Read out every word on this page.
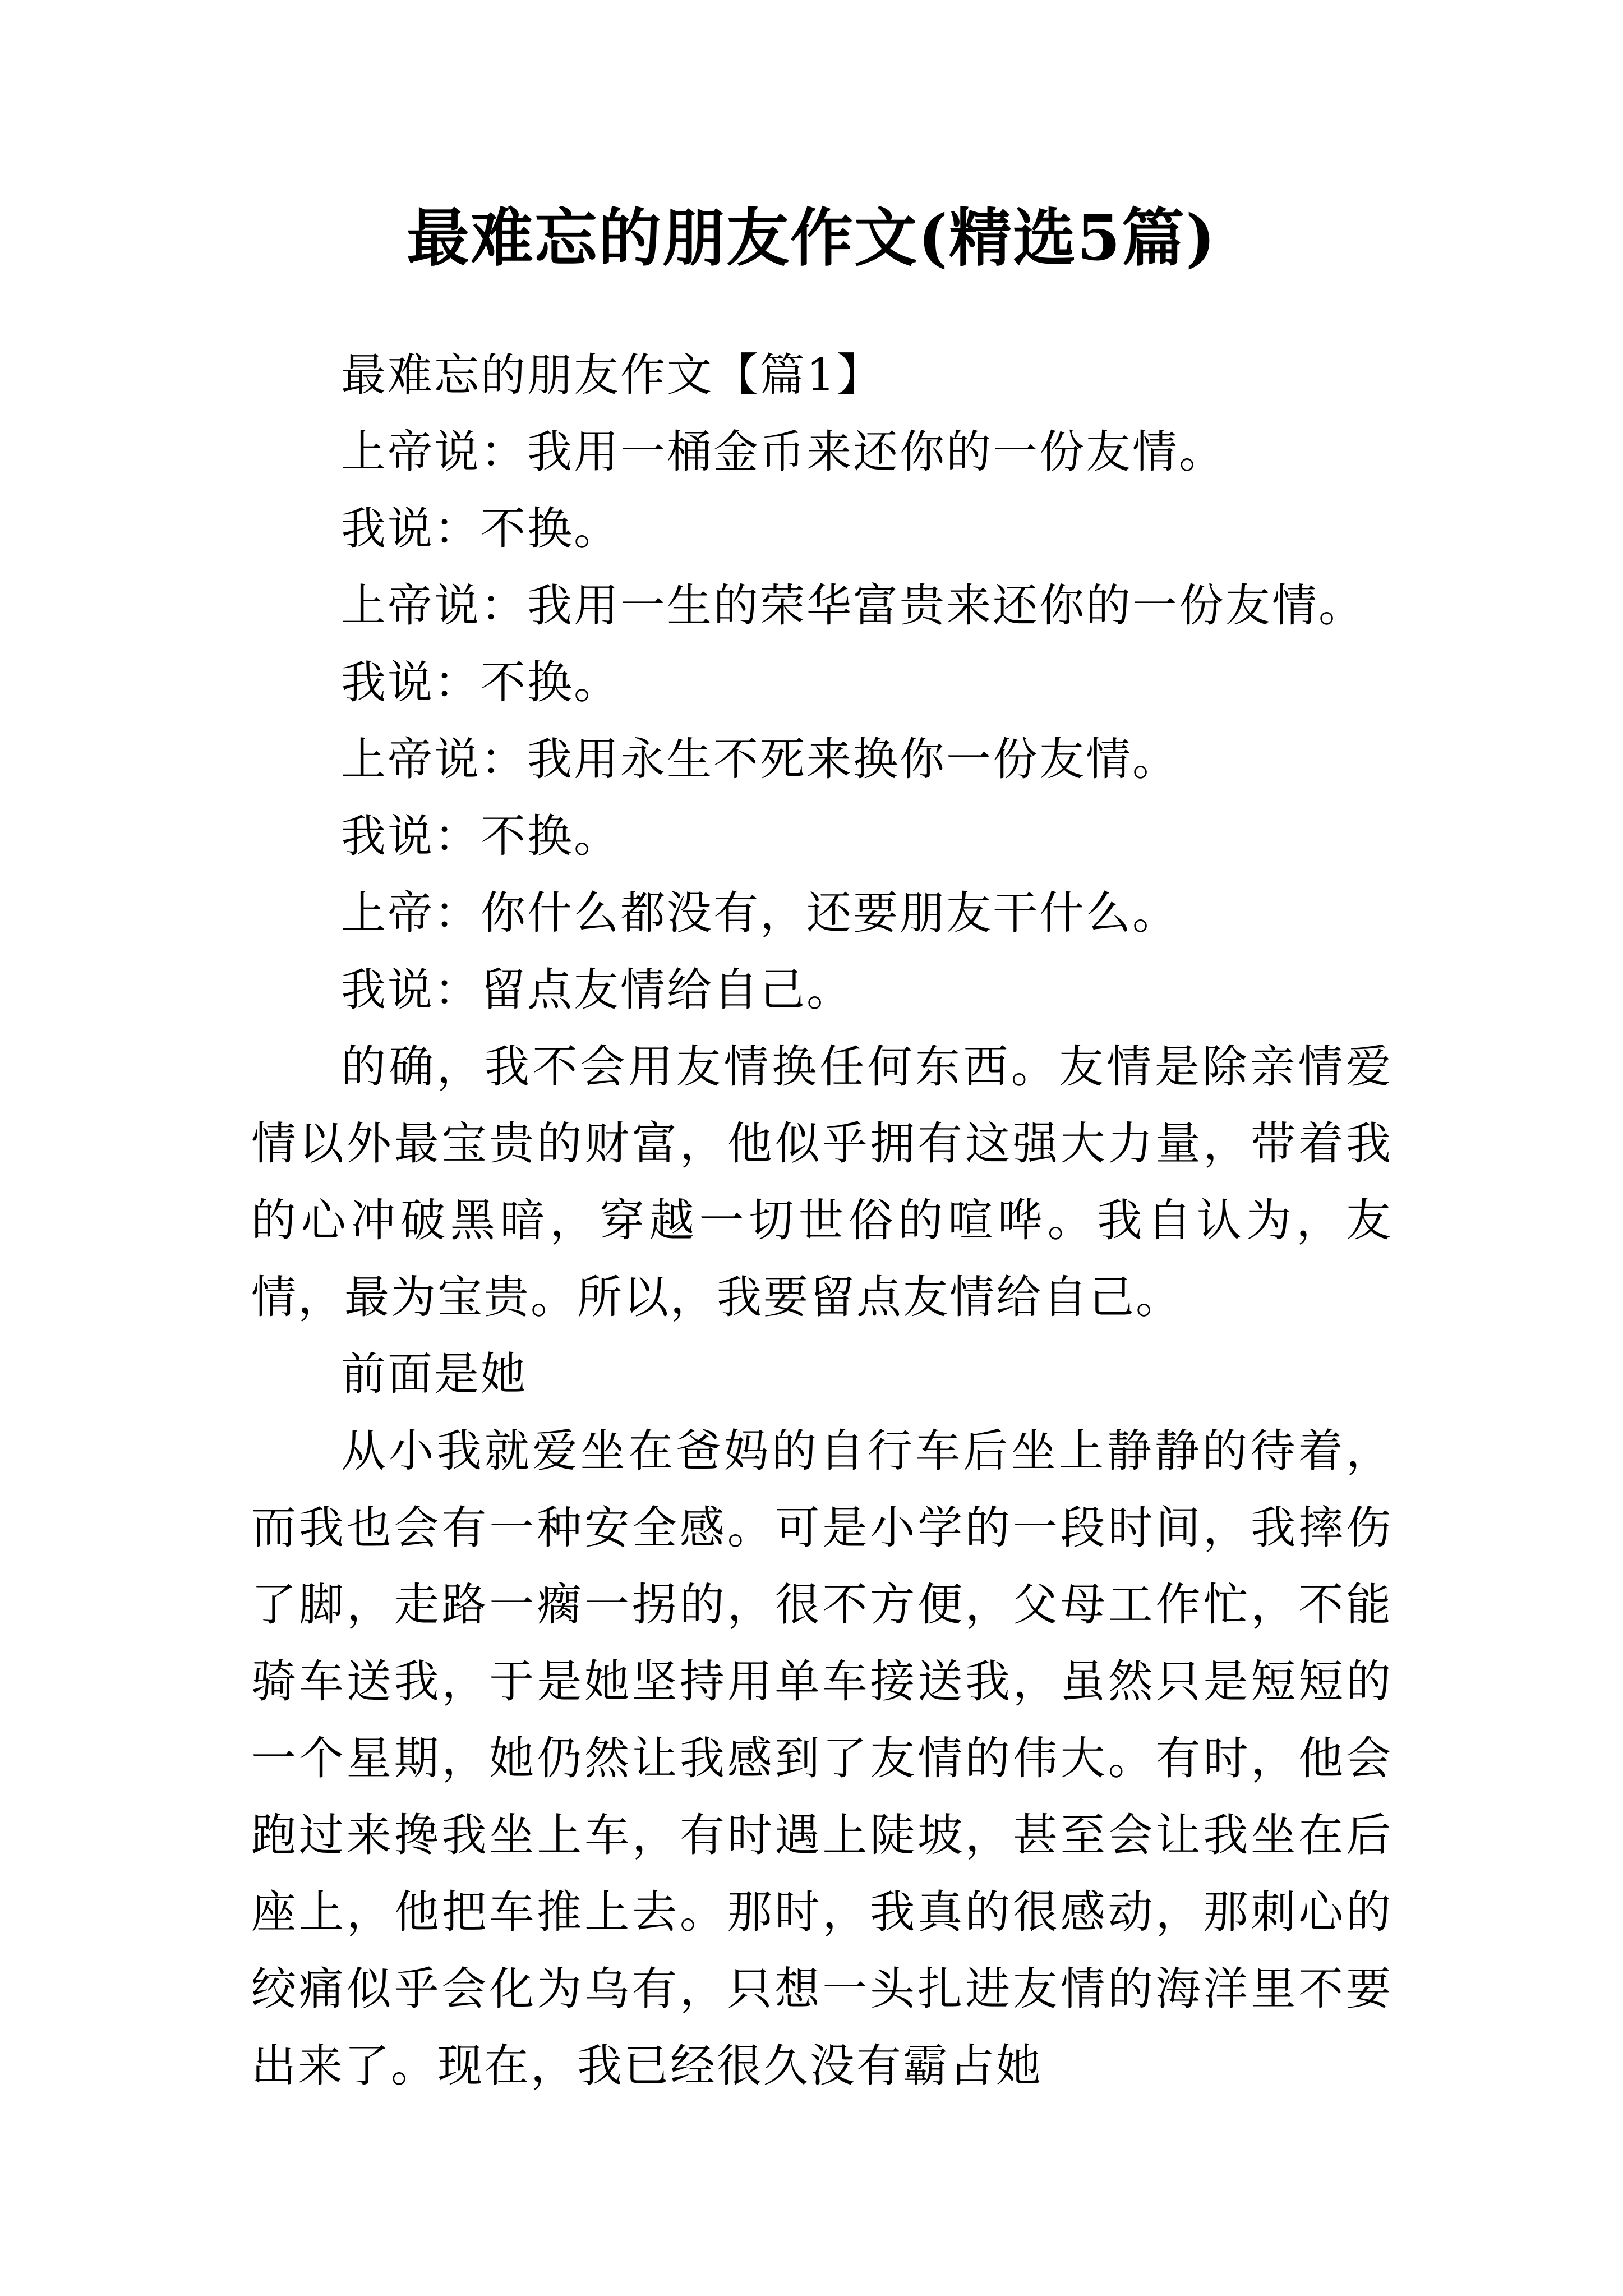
最难忘的朋友作文(精选5篇)

最难忘的朋友作文【篇1】

上帝说：我用一桶金币来还你的一份友情。

我说：不换。

上帝说：我用一生的荣华富贵来还你的一份友情。

我说：不换。

上帝说：我用永生不死来换你一份友情。

我说：不换。

上帝：你什么都没有，还要朋友干什么。

我说：留点友情给自己。

的确，我不会用友情换任何东西。友情是除亲情爱情以外最宝贵的财富，他似乎拥有这强大力量，带着我的心冲破黑暗，穿越一切世俗的喧哗。我自认为，友情，最为宝贵。所以，我要留点友情给自己。

前面是她

从小我就爱坐在爸妈的自行车后坐上静静的待着，而我也会有一种安全感。可是小学的一段时间，我摔伤了脚，走路一瘸一拐的，很不方便，父母工作忙，不能骑车送我，于是她坚持用单车接送我，虽然只是短短的一个星期，她仍然让我感到了友情的伟大。有时，他会跑过来搀我坐上车，有时遇上陡坡，甚至会让我坐在后座上，他把车推上去。那时，我真的很感动，那刺心的绞痛似乎会化为乌有，只想一头扎进友情的海洋里不要出来了。现在，我已经很久没有霸占她
